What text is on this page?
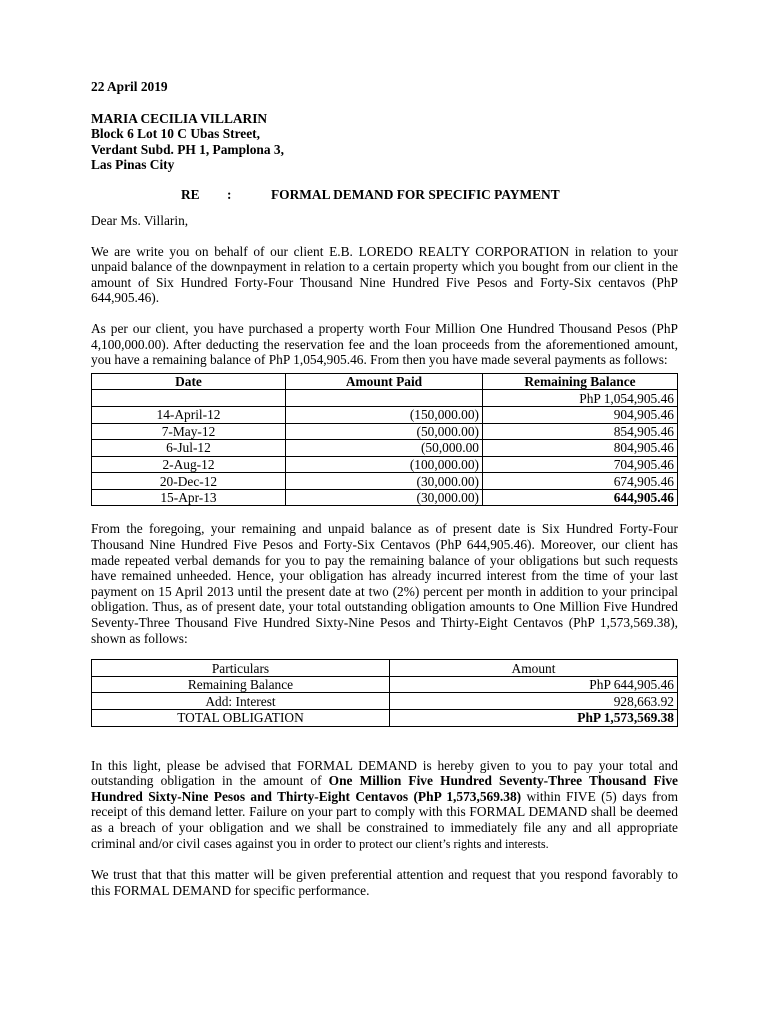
22 April 2019
MARIA CECILIA VILLARIN
Block 6 Lot 10 C Ubas Street,
Verdant Subd. PH 1, Pamplona 3,
Las Pinas City
RE :	FORMAL DEMAND FOR SPECIFIC PAYMENT
Dear Ms. Villarin,

We are write you on behalf of our client E.B. LOREDO REALTY CORPORATION in relation to your unpaid balance of the downpayment in relation to a certain property which you bought from our client in the amount of Six Hundred Forty-Four Thousand Nine Hundred Five Pesos and Forty-Six centavos (PhP 644,905.46).

As per our client, you have purchased a property worth Four Million One Hundred Thousand Pesos (PhP 4,100,000.00). After deducting the reservation fee and the loan proceeds from the aforementioned amount, you have a remaining balance of PhP 1,054,905.46. From then you have made several payments as follows:

Date	Amount Paid	Remaining Balance
		PhP 1,054,905.46
14-April-12	(150,000.00)	904,905.46
7-May-12	(50,000.00)	854,905.46
6-Jul-12	(50,000.00	804,905.46
2-Aug-12	(100,000.00)	704,905.46
20-Dec-12	(30,000.00)	674,905.46
15-Apr-13	(30,000.00)	644,905.46

From the foregoing, your remaining and unpaid balance as of present date is Six Hundred Forty-Four Thousand Nine Hundred Five Pesos and Forty-Six Centavos (PhP 644,905.46). Moreover, our client has made repeated verbal demands for you to pay the remaining balance of your obligations but such requests have remained unheeded. Hence, your obligation has already incurred interest from the time of your last payment on 15 April 2013 until the present date at two (2%) percent per month in addition to your principal obligation. Thus, as of present date, your total outstanding obligation amounts to One Million Five Hundred Seventy-Three Thousand Five Hundred Sixty-Nine Pesos and Thirty-Eight Centavos (PhP 1,573,569.38), shown as follows:

Particulars	Amount
Remaining Balance	PhP 644,905.46
Add: Interest	928,663.92
TOTAL OBLIGATION	PhP 1,573,569.38

In this light, please be advised that FORMAL DEMAND is hereby given to you to pay your total and outstanding obligation in the amount of One Million Five Hundred Seventy-Three Thousand Five Hundred Sixty-Nine Pesos and Thirty-Eight Centavos (PhP 1,573,569.38) within FIVE (5) days from receipt of this demand letter. Failure on your part to comply with this FORMAL DEMAND shall be deemed as a breach of your obligation and we shall be constrained to immediately file any and all appropriate criminal and/or civil cases against you in order to protect our client’s rights and interests.

We trust that that this matter will be given preferential attention and request that you respond favorably to this FORMAL DEMAND for specific performance.
